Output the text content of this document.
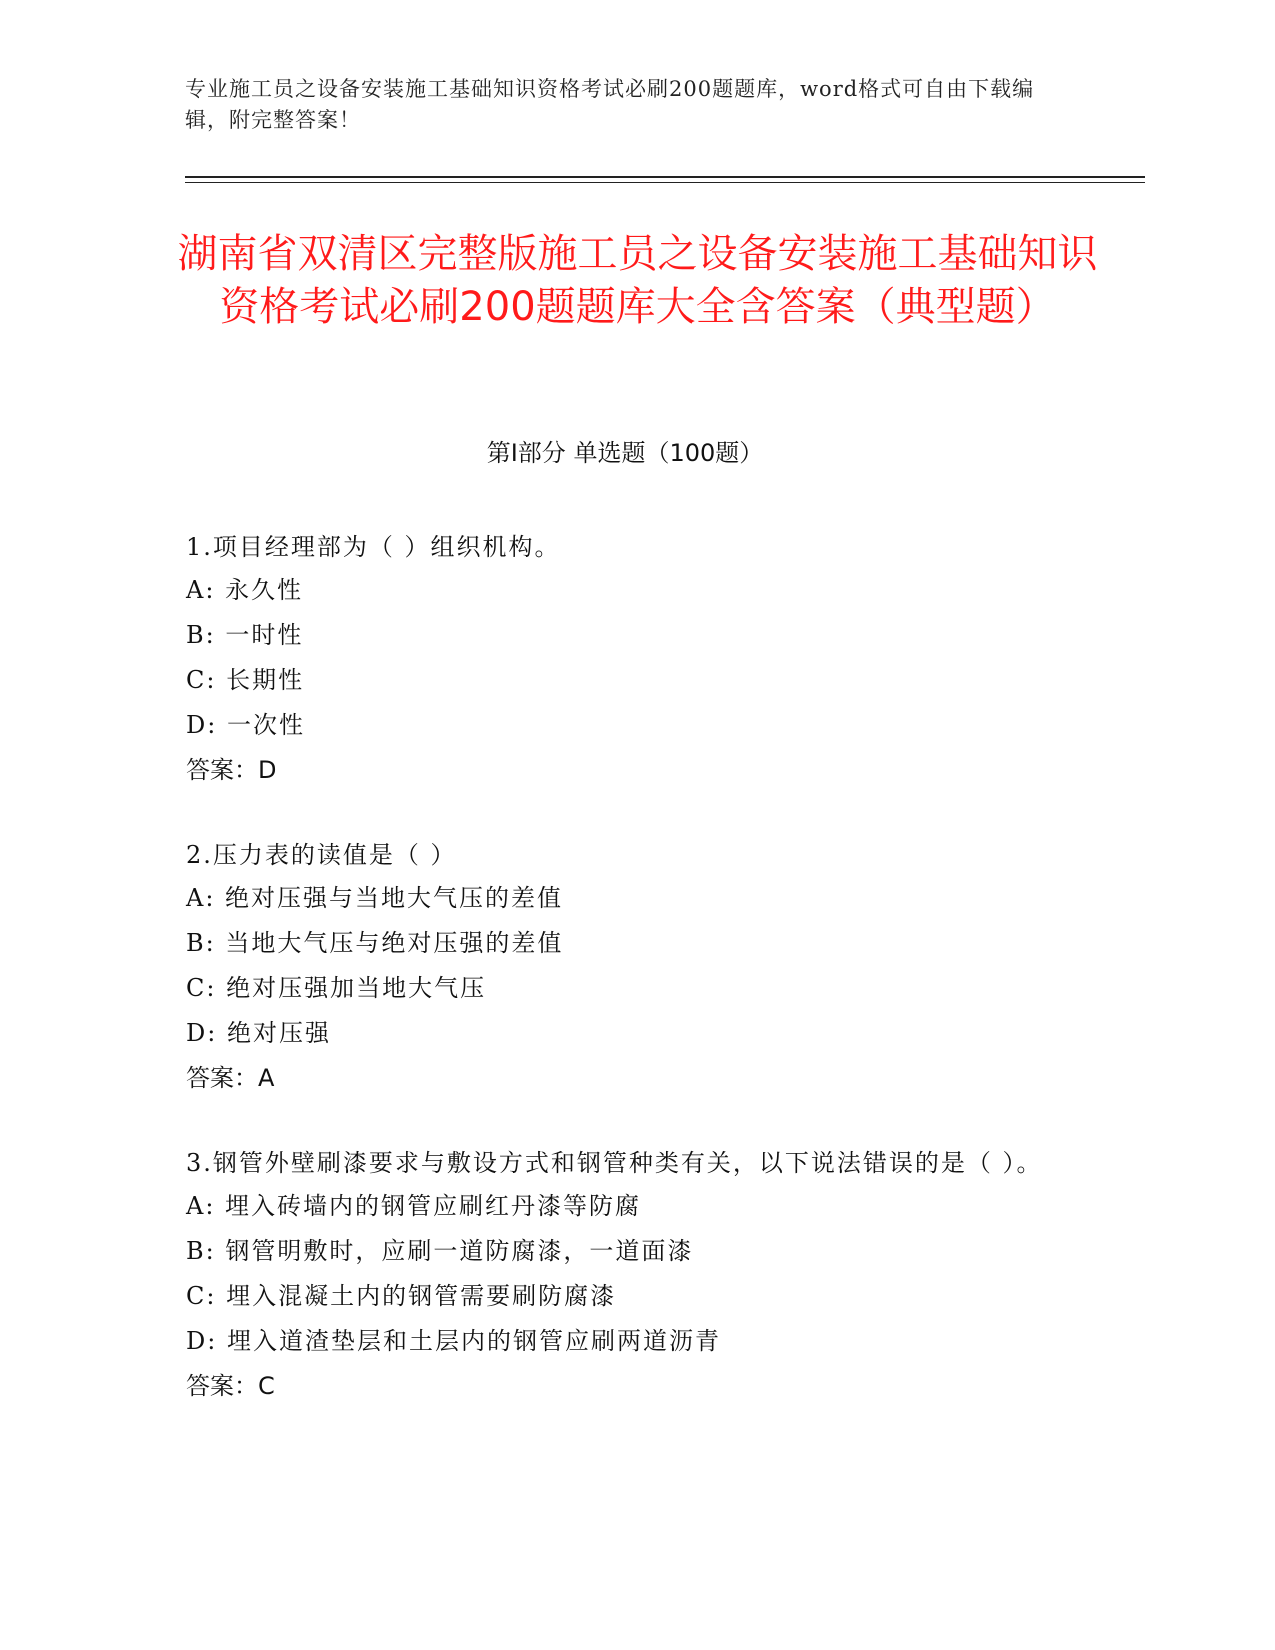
专业施工员之设备安装施工基础知识资格考试必刷200题题库，word格式可自由下载编辑，附完整答案！
湖南省双清区完整版施工员之设备安装施工基础知识资格考试必刷200题题库大全含答案（典型题）
第Ⅰ部分 单选题（100题）
1.项目经理部为（ ）组织机构。
A: 永久性
B: 一时性
C: 长期性
D: 一次性
答案：D
2.压力表的读值是（ ）
A: 绝对压强与当地大气压的差值
B: 当地大气压与绝对压强的差值
C: 绝对压强加当地大气压
D: 绝对压强
答案：A
3.钢管外壁刷漆要求与敷设方式和钢管种类有关，以下说法错误的是（ ）。
A: 埋入砖墙内的钢管应刷红丹漆等防腐
B: 钢管明敷时，应刷一道防腐漆，一道面漆
C: 埋入混凝土内的钢管需要刷防腐漆
D: 埋入道渣垫层和土层内的钢管应刷两道沥青
答案：C
